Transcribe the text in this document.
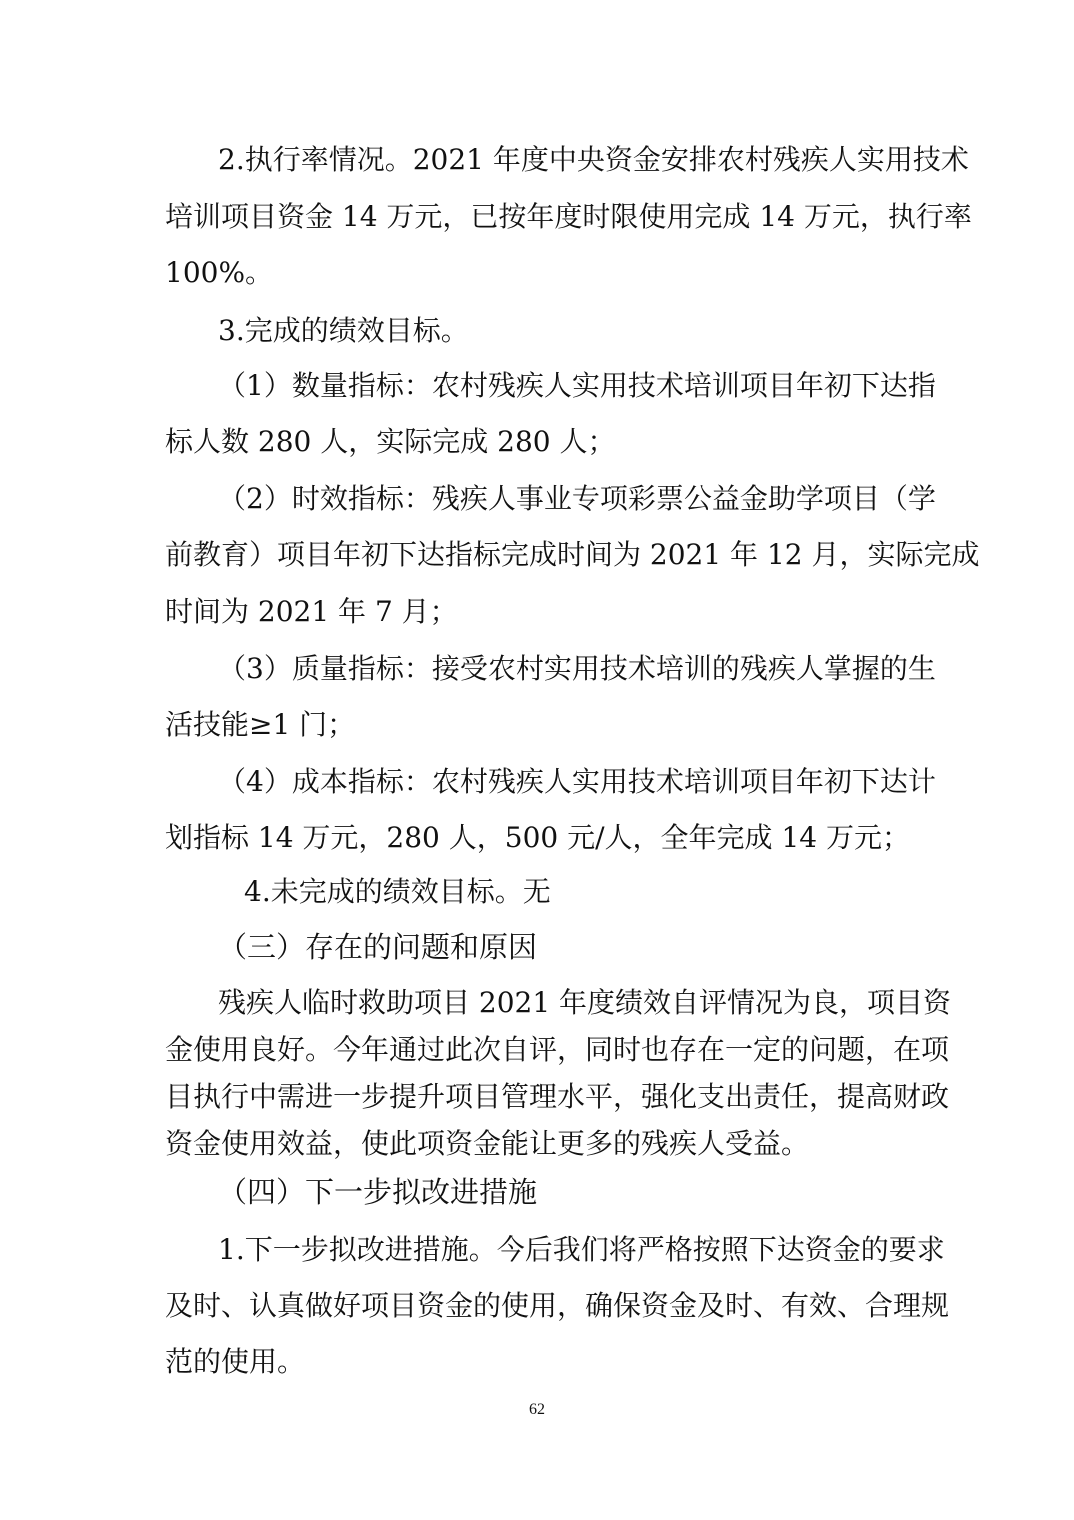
2.执行率情况。2021 年度中央资金安排农村残疾人实用技术
培训项目资金 14 万元，已按年度时限使用完成 14 万元，执行率
100%。
3.完成的绩效目标。
（1）数量指标：农村残疾人实用技术培训项目年初下达指
标人数 280 人，实际完成 280 人；
（2）时效指标：残疾人事业专项彩票公益金助学项目（学
前教育）项目年初下达指标完成时间为 2021 年 12 月，实际完成
时间为 2021 年 7 月；
（3）质量指标：接受农村实用技术培训的残疾人掌握的生
活技能≥1 门；
（4）成本指标：农村残疾人实用技术培训项目年初下达计
划指标 14 万元，280 人，500 元/人，全年完成 14 万元；
4.未完成的绩效目标。无
（三）存在的问题和原因
残疾人临时救助项目 2021 年度绩效自评情况为良，项目资
金使用良好。今年通过此次自评，同时也存在一定的问题，在项
目执行中需进一步提升项目管理水平，强化支出责任，提高财政
资金使用效益，使此项资金能让更多的残疾人受益。
（四）下一步拟改进措施
1.下一步拟改进措施。今后我们将严格按照下达资金的要求
及时、认真做好项目资金的使用，确保资金及时、有效、合理规
范的使用。
62
